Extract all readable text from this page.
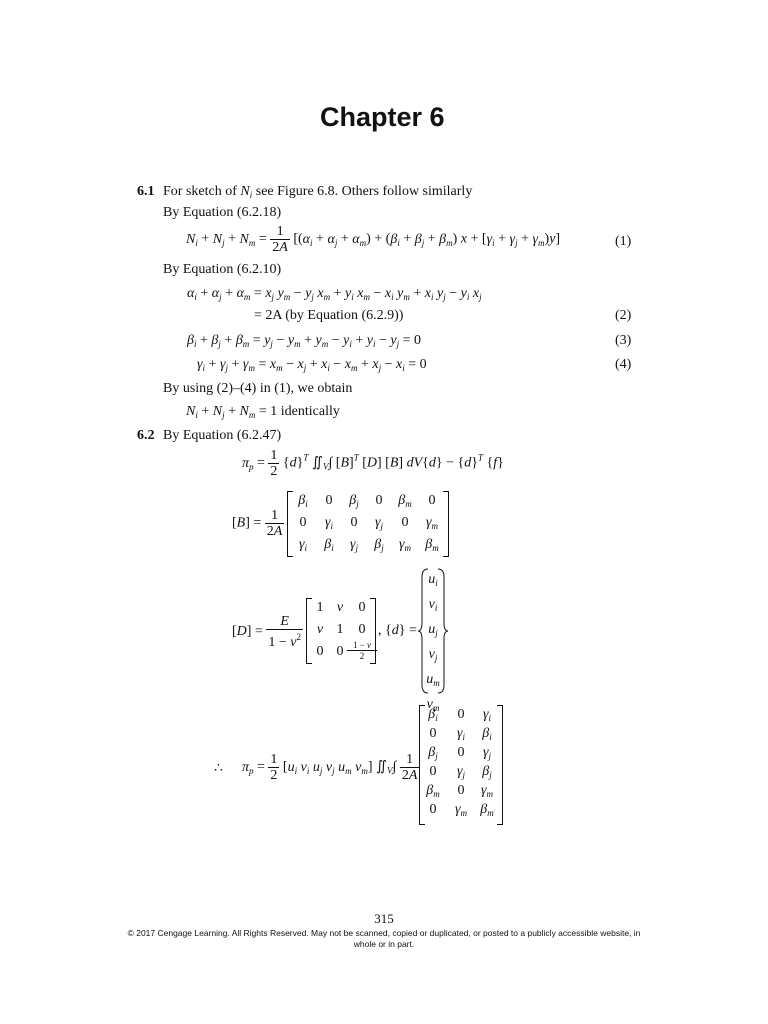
Chapter 6
6.1 For sketch of $N_i$ see Figure 6.8. Others follow similarly
By Equation (6.2.18)
$N_i + N_j + N_m = \frac{1}{2A} [(\alpha_i + \alpha_j + \alpha_m) + (\beta_i + \beta_j + \beta_m) x + [\gamma_i + \gamma_j + \gamma_m)y]$	(1)
By Equation (6.2.10)
$\alpha_i + \alpha_j + \alpha_m = x_j$ $y_m - y_j$ $x_m + y_i$ $x_m - x_i$ $y_m + x_i$ $y_j - y_i$ $x_j$
= 2A (by Equation (6.2.9))	(2)
$\beta_i + \beta_j + \beta_m = y_j - y_m + y_m - y_i + y_i - y_j = 0$	(3)
$\gamma_i + \gamma_j + \gamma_m = x_m - x_j + x_i - x_m + x_j - x_i = 0$	(4)
By using (2)–(4) in (1), we obtain
$N_i + N_j + N_m = 1$ identically
6.2 By Equation (6.2.47)
$\pi_p = \frac{1}{2} \{d\}^T$ $∬_V\int$ $[B]^T$ [D] [B] $dV\{d\} - \{d\}^T$ {f}
$[B] = \frac{1}{2A}$
$\beta_i$	0	$\beta_j$	0	$\beta_m$	0
0	$\gamma_i$	0	$\gamma_j$	0	$\gamma_m$
$\gamma_i$	$\beta_i$	$\gamma_j$	$\beta_j$	$\gamma_m$	$\beta_m$
$[D] = \frac{E}{1 - v^2}$
1 v	0
v 1	0
0 0	1 − v
2
, {d} =
$u_i$
$v_i$
$u_j$
$v_j$
$u_m$
$v_m$
∴ $\pi_p = \frac{1}{2} [u_i$ $v_i$ $u_j$ $v_j$ $u_m$ $v_m$] $∬_V\int \frac{1}{2A}$
$\beta_i$	0	$\gamma_i$
0	$\gamma_i$	$\beta_i$
$\beta_j$	0	$\gamma_j$
0	$\gamma_j$	$\beta_j$
$\beta_m$	0	$\gamma_m$
0	$\gamma_m$ $\beta_m$
315
© 2017 Cengage Learning. All Rights Reserved. May not be scanned, copied or duplicated, or posted to a publicly accessible website, in
whole or in part.
